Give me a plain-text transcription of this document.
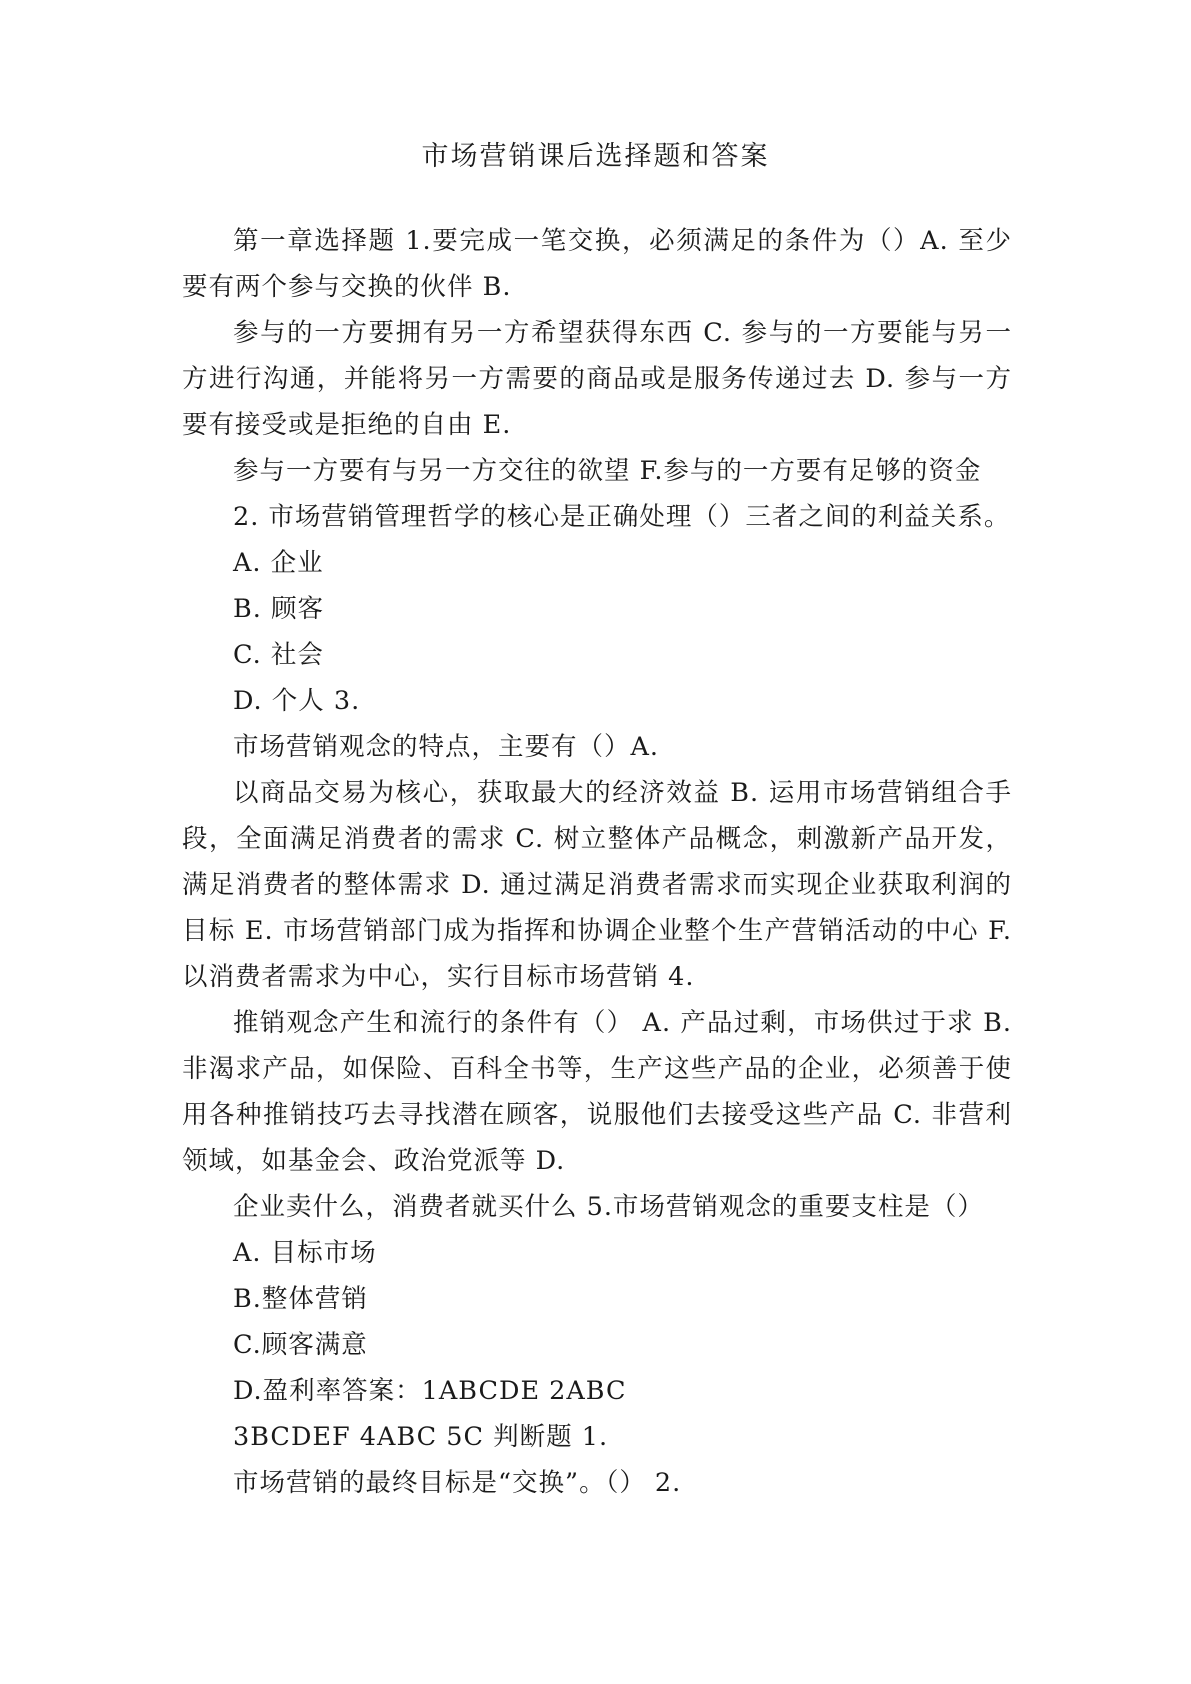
市场营销课后选择题和答案

第一章选择题 1.要完成一笔交换，必须满足的条件为（）A. 至少要有两个参与交换的伙伴 B.

参与的一方要拥有另一方希望获得东西 C. 参与的一方要能与另一方进行沟通，并能将另一方需要的商品或是服务传递过去 D. 参与一方要有接受或是拒绝的自由 E.

参与一方要有与另一方交往的欲望 F.参与的一方要有足够的资金

2. 市场营销管理哲学的核心是正确处理（）三者之间的利益关系。

A. 企业

B. 顾客

C. 社会

D. 个人 3.

市场营销观念的特点，主要有（）A.

以商品交易为核心，获取最大的经济效益 B. 运用市场营销组合手段，全面满足消费者的需求 C. 树立整体产品概念，刺激新产品开发，满足消费者的整体需求 D. 通过满足消费者需求而实现企业获取利润的目标 E. 市场营销部门成为指挥和协调企业整个生产营销活动的中心 F. 以消费者需求为中心，实行目标市场营销 4.

推销观念产生和流行的条件有（） A. 产品过剩，市场供过于求 B. 非渴求产品，如保险、百科全书等，生产这些产品的企业，必须善于使用各种推销技巧去寻找潜在顾客，说服他们去接受这些产品 C. 非营利领域，如基金会、政治党派等 D.

企业卖什么，消费者就买什么 5.市场营销观念的重要支柱是（）

A. 目标市场

B.整体营销

C.顾客满意

D.盈利率答案：1ABCDE 2ABC

3BCDEF 4ABC 5C 判断题 1.

市场营销的最终目标是“交换”。（） 2.
